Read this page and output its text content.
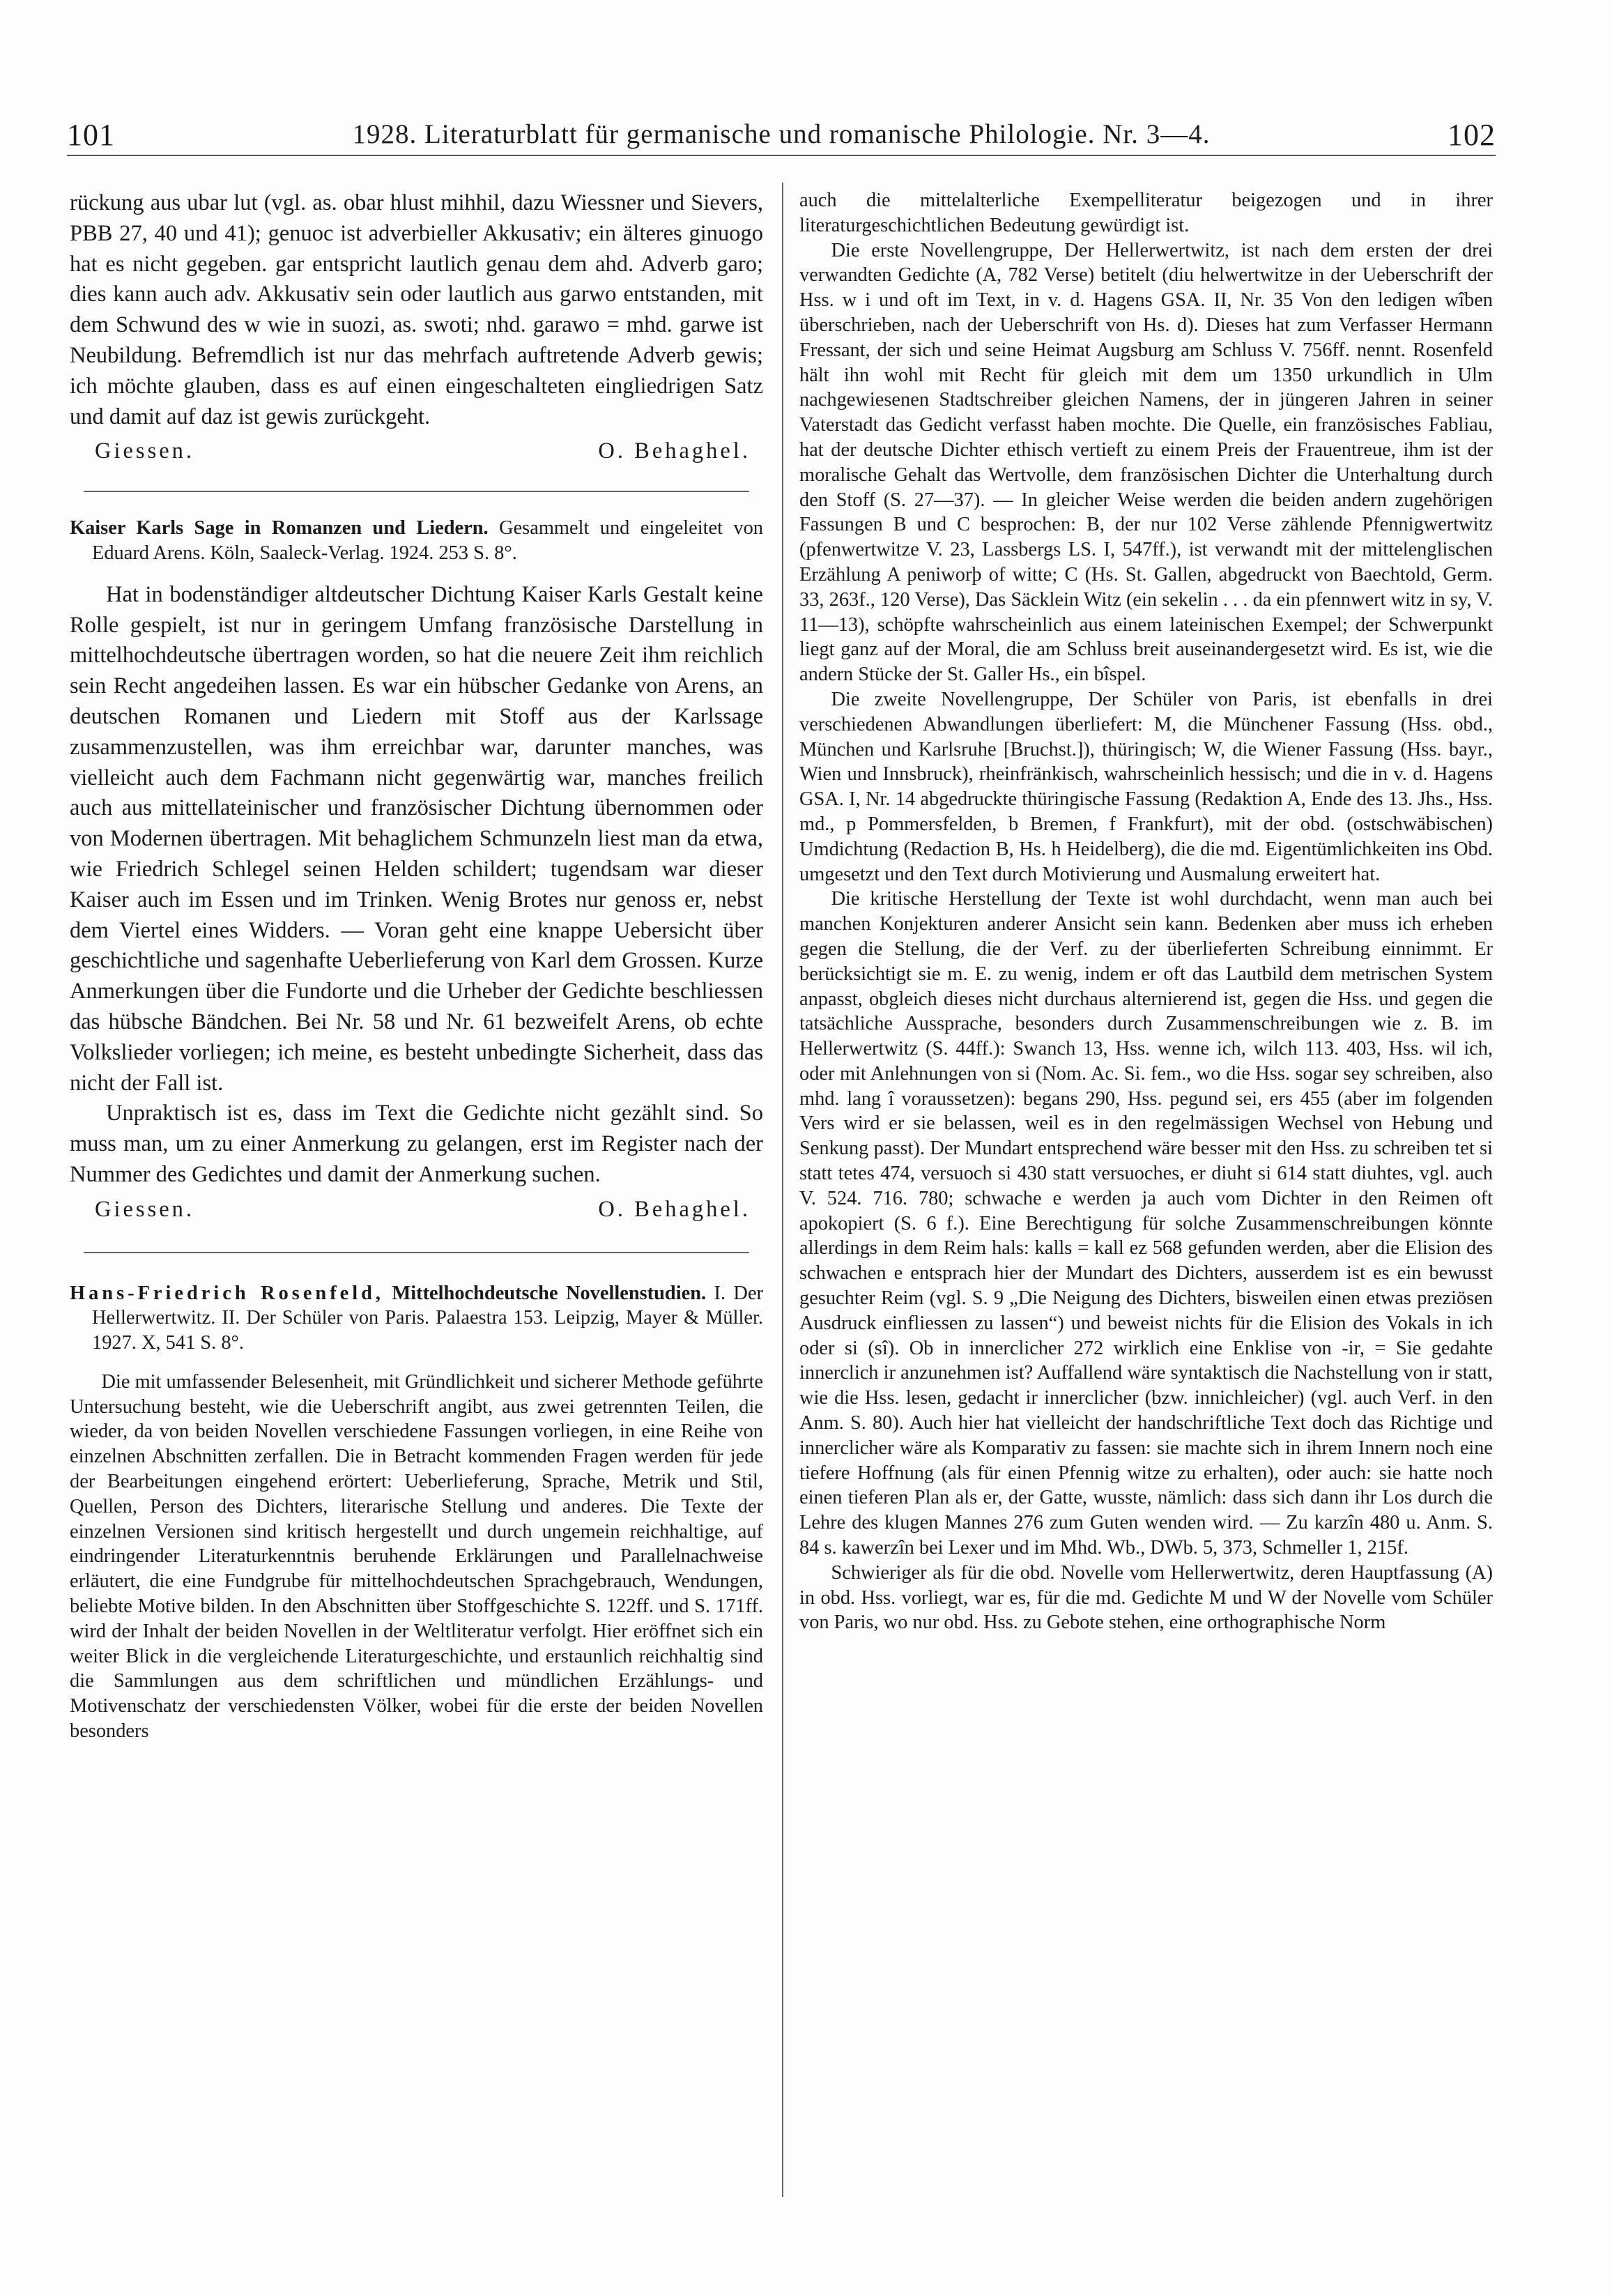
101	1928. Literaturblatt für germanische und romanische Philologie. Nr. 3—4.	102

rückung aus ubar lut (vgl. as. obar hlust mihhil, dazu Wiessner und Sievers, PBB 27, 40 und 41); genuoc ist adverbieller Akkusativ; ein älteres ginuogo hat es nicht gegeben. gar entspricht lautlich genau dem ahd. Adverb garo; dies kann auch adv. Akkusativ sein oder lautlich aus garwo entstanden, mit dem Schwund des w wie in suozi, as. swoti; nhd. garawo = mhd. garwe ist Neubildung. Befremdlich ist nur das mehrfach auftretende Adverb gewis; ich möchte glauben, dass es auf einen eingeschalteten eingliedrigen Satz und damit auf daz ist gewis zurückgeht.

Giessen.	O. Behaghel.

Kaiser Karls Sage in Romanzen und Liedern. Gesammelt und eingeleitet von Eduard Arens. Köln, Saaleck-Verlag. 1924. 253 S. 8°.

Hat in bodenständiger altdeutscher Dichtung Kaiser Karls Gestalt keine Rolle gespielt, ist nur in geringem Umfang französische Darstellung in mittelhochdeutsche übertragen worden, so hat die neuere Zeit ihm reichlich sein Recht angedeihen lassen. Es war ein hübscher Gedanke von Arens, an deutschen Romanen und Liedern mit Stoff aus der Karlssage zusammenzustellen, was ihm erreichbar war, darunter manches, was vielleicht auch dem Fachmann nicht gegenwärtig war, manches freilich auch aus mittellateinischer und französischer Dichtung übernommen oder von Modernen übertragen. Mit behaglichem Schmunzeln liest man da etwa, wie Friedrich Schlegel seinen Helden schildert; tugendsam war dieser Kaiser auch im Essen und im Trinken. Wenig Brotes nur genoss er, nebst dem Viertel eines Widders. — Voran geht eine knappe Uebersicht über geschichtliche und sagenhafte Ueberlieferung von Karl dem Grossen. Kurze Anmerkungen über die Fundorte und die Urheber der Gedichte beschliessen das hübsche Bändchen. Bei Nr. 58 und Nr. 61 bezweifelt Arens, ob echte Volkslieder vorliegen; ich meine, es besteht unbedingte Sicherheit, dass das nicht der Fall ist.

Unpraktisch ist es, dass im Text die Gedichte nicht gezählt sind. So muss man, um zu einer Anmerkung zu gelangen, erst im Register nach der Nummer des Gedichtes und damit der Anmerkung suchen.

Giessen.	O. Behaghel.

Hans-Friedrich Rosenfeld, Mittelhochdeutsche Novellenstudien. I. Der Hellerwertwitz. II. Der Schüler von Paris. Palaestra 153. Leipzig, Mayer & Müller. 1927. X, 541 S. 8°.

Die mit umfassender Belesenheit, mit Gründlichkeit und sicherer Methode geführte Untersuchung besteht, wie die Ueberschrift angibt, aus zwei getrennten Teilen, die wieder, da von beiden Novellen verschiedene Fassungen vorliegen, in eine Reihe von einzelnen Abschnitten zerfallen. Die in Betracht kommenden Fragen werden für jede der Bearbeitungen eingehend erörtert: Ueberlieferung, Sprache, Metrik und Stil, Quellen, Person des Dichters, literarische Stellung und anderes. Die Texte der einzelnen Versionen sind kritisch hergestellt und durch ungemein reichhaltige, auf eindringender Literaturkenntnis beruhende Erklärungen und Parallelnachweise erläutert, die eine Fundgrube für mittelhochdeutschen Sprachgebrauch, Wendungen, beliebte Motive bilden. In den Abschnitten über Stoffgeschichte S. 122ff. und S. 171ff. wird der Inhalt der beiden Novellen in der Weltliteratur verfolgt. Hier eröffnet sich ein weiter Blick in die vergleichende Literaturgeschichte, und erstaunlich reichhaltig sind die Sammlungen aus dem schriftlichen und mündlichen Erzählungs- und Motivenschatz der verschiedensten Völker, wobei für die erste der beiden Novellen besonders

auch die mittelalterliche Exempelliteratur beigezogen und in ihrer literaturgeschichtlichen Bedeutung gewürdigt ist.

Die erste Novellengruppe, Der Hellerwertwitz, ist nach dem ersten der drei verwandten Gedichte (A, 782 Verse) betitelt (diu helwertwitze in der Ueberschrift der Hss. w i und oft im Text, in v. d. Hagens GSA. II, Nr. 35 Von den ledigen wîben überschrieben, nach der Ueberschrift von Hs. d). Dieses hat zum Verfasser Hermann Fressant, der sich und seine Heimat Augsburg am Schluss V. 756ff. nennt. Rosenfeld hält ihn wohl mit Recht für gleich mit dem um 1350 urkundlich in Ulm nachgewiesenen Stadtschreiber gleichen Namens, der in jüngeren Jahren in seiner Vaterstadt das Gedicht verfasst haben mochte. Die Quelle, ein französisches Fabliau, hat der deutsche Dichter ethisch vertieft zu einem Preis der Frauentreue, ihm ist der moralische Gehalt das Wertvolle, dem französischen Dichter die Unterhaltung durch den Stoff (S. 27—37). — In gleicher Weise werden die beiden andern zugehörigen Fassungen B und C besprochen: B, der nur 102 Verse zählende Pfennigwertwitz (pfenwertwitze V. 23, Lassbergs LS. I, 547ff.), ist verwandt mit der mittelenglischen Erzählung A peniworþ of witte; C (Hs. St. Gallen, abgedruckt von Baechtold, Germ. 33, 263f., 120 Verse), Das Säcklein Witz (ein sekelin . . . da ein pfennwert witz in sy, V. 11—13), schöpfte wahrscheinlich aus einem lateinischen Exempel; der Schwerpunkt liegt ganz auf der Moral, die am Schluss breit auseinandergesetzt wird. Es ist, wie die andern Stücke der St. Galler Hs., ein bîspel.

Die zweite Novellengruppe, Der Schüler von Paris, ist ebenfalls in drei verschiedenen Abwandlungen überliefert: M, die Münchener Fassung (Hss. obd., München und Karlsruhe [Bruchst.]), thüringisch; W, die Wiener Fassung (Hss. bayr., Wien und Innsbruck), rheinfränkisch, wahrscheinlich hessisch; und die in v. d. Hagens GSA. I, Nr. 14 abgedruckte thüringische Fassung (Redaktion A, Ende des 13. Jhs., Hss. md., p Pommersfelden, b Bremen, f Frankfurt), mit der obd. (ostschwäbischen) Umdichtung (Redaction B, Hs. h Heidelberg), die die md. Eigentümlichkeiten ins Obd. umgesetzt und den Text durch Motivierung und Ausmalung erweitert hat.

Die kritische Herstellung der Texte ist wohl durchdacht, wenn man auch bei manchen Konjekturen anderer Ansicht sein kann. Bedenken aber muss ich erheben gegen die Stellung, die der Verf. zu der überlieferten Schreibung einnimmt. Er berücksichtigt sie m. E. zu wenig, indem er oft das Lautbild dem metrischen System anpasst, obgleich dieses nicht durchaus alternierend ist, gegen die Hss. und gegen die tatsächliche Aussprache, besonders durch Zusammenschreibungen wie z. B. im Hellerwertwitz (S. 44ff.): Swanch 13, Hss. wenne ich, wilch 113. 403, Hss. wil ich, oder mit Anlehnungen von si (Nom. Ac. Si. fem., wo die Hss. sogar sey schreiben, also mhd. lang î voraussetzen): begans 290, Hss. pegund sei, ers 455 (aber im folgenden Vers wird er sie belassen, weil es in den regelmässigen Wechsel von Hebung und Senkung passt). Der Mundart entsprechend wäre besser mit den Hss. zu schreiben tet si statt tetes 474, versuoch si 430 statt versuoches, er diuht si 614 statt diuhtes, vgl. auch V. 524. 716. 780; schwache e werden ja auch vom Dichter in den Reimen oft apokopiert (S. 6 f.). Eine Berechtigung für solche Zusammenschreibungen könnte allerdings in dem Reim hals: kalls = kall ez 568 gefunden werden, aber die Elision des schwachen e entsprach hier der Mundart des Dichters, ausserdem ist es ein bewusst gesuchter Reim (vgl. S. 9 „Die Neigung des Dichters, bisweilen einen etwas preziösen Ausdruck einfliessen zu lassen“) und beweist nichts für die Elision des Vokals in ich oder si (sî). Ob in innerclicher 272 wirklich eine Enklise von -ir, = Sie gedahte innerclich ir anzunehmen ist? Auffallend wäre syntaktisch die Nachstellung von ir statt, wie die Hss. lesen, gedacht ir innerclicher (bzw. innichleicher) (vgl. auch Verf. in den Anm. S. 80). Auch hier hat vielleicht der handschriftliche Text doch das Richtige und innerclicher wäre als Komparativ zu fassen: sie machte sich in ihrem Innern noch eine tiefere Hoffnung (als für einen Pfennig witze zu erhalten), oder auch: sie hatte noch einen tieferen Plan als er, der Gatte, wusste, nämlich: dass sich dann ihr Los durch die Lehre des klugen Mannes 276 zum Guten wenden wird. — Zu karzîn 480 u. Anm. S. 84 s. kawerzîn bei Lexer und im Mhd. Wb., DWb. 5, 373, Schmeller 1, 215f.

Schwieriger als für die obd. Novelle vom Hellerwertwitz, deren Hauptfassung (A) in obd. Hss. vorliegt, war es, für die md. Gedichte M und W der Novelle vom Schüler von Paris, wo nur obd. Hss. zu Gebote stehen, eine orthographische Norm
